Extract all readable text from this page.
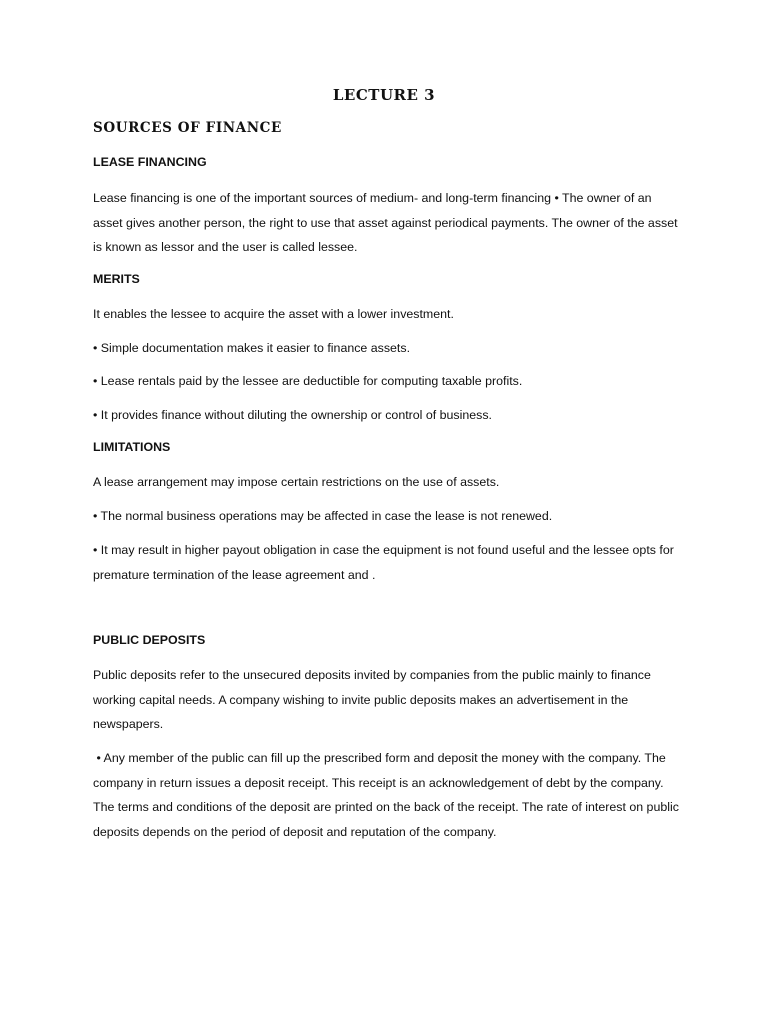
LECTURE 3
SOURCES OF FINANCE
LEASE FINANCING

Lease financing is one of the important sources of medium- and long-term financing • The owner of an asset gives another person, the right to use that asset against periodical payments. The owner of the asset is known as lessor and the user is called lessee.

MERITS

It enables the lessee to acquire the asset with a lower investment.

• Simple documentation makes it easier to finance assets.

• Lease rentals paid by the lessee are deductible for computing taxable profits.

• It provides finance without diluting the ownership or control of business.

LIMITATIONS

A lease arrangement may impose certain restrictions on the use of assets.

• The normal business operations may be affected in case the lease is not renewed.

• It may result in higher payout obligation in case the equipment is not found useful and the lessee opts for premature termination of the lease agreement and .

PUBLIC DEPOSITS

Public deposits refer to the unsecured deposits invited by companies from the public mainly to finance working capital needs. A company wishing to invite public deposits makes an advertisement in the newspapers.

• Any member of the public can fill up the prescribed form and deposit the money with the company. The company in return issues a deposit receipt. This receipt is an acknowledgement of debt by the company. The terms and conditions of the deposit are printed on the back of the receipt. The rate of interest on public deposits depends on the period of deposit and reputation of the company.
